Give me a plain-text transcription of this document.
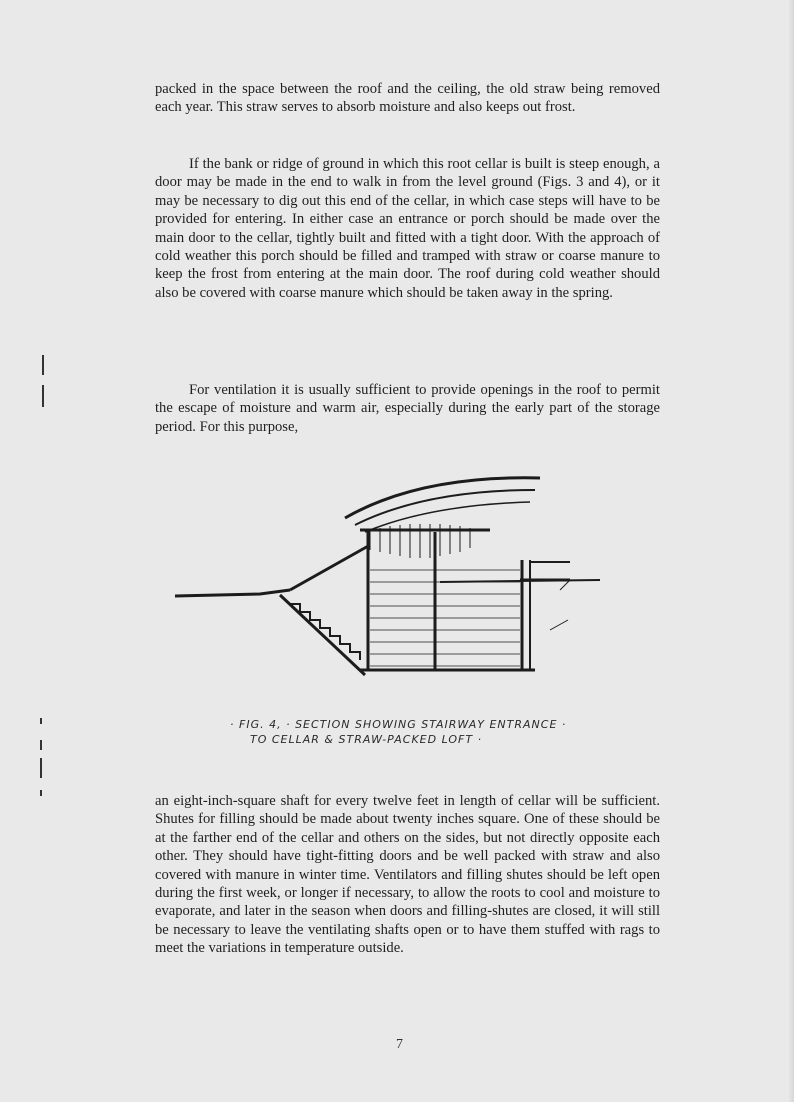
packed in the space between the roof and the ceiling, the old straw being removed each year. This straw serves to absorb moisture and also keeps out frost.

If the bank or ridge of ground in which this root cellar is built is steep enough, a door may be made in the end to walk in from the level ground (Figs. 3 and 4), or it may be necessary to dig out this end of the cellar, in which case steps will have to be provided for entering. In either case an entrance or porch should be made over the main door to the cellar, tightly built and fitted with a tight door. With the approach of cold weather this porch should be filled and tramped with straw or coarse manure to keep the frost from entering at the main door. The roof during cold weather should also be covered with coarse manure which should be taken away in the spring.

For ventilation it is usually sufficient to provide openings in the roof to permit the escape of moisture and warm air, especially during the early part of the storage period. For this purpose,

· FIG. 4, · SECTION SHOWING STAIRWAY ENTRANCE ·
TO CELLAR & STRAW-PACKED LOFT ·

an eight-inch-square shaft for every twelve feet in length of cellar will be sufficient. Shutes for filling should be made about twenty inches square. One of these should be at the farther end of the cellar and others on the sides, but not directly opposite each other. They should have tight-fitting doors and be well packed with straw and also covered with manure in winter time. Ventilators and filling shutes should be left open during the first week, or longer if necessary, to allow the roots to cool and moisture to evaporate, and later in the season when doors and filling-shutes are closed, it will still be necessary to leave the ventilating shafts open or to have them stuffed with rags to meet the variations in temperature outside.

7
